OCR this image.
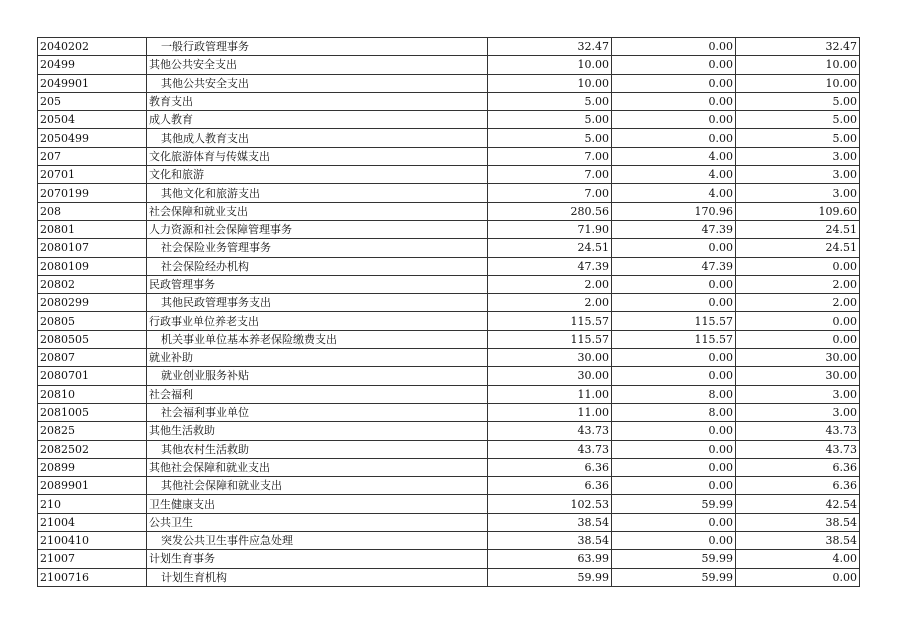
2040202	一般行政管理事务	32.47	0.00	32.47
20499	其他公共安全支出	10.00	0.00	10.00
2049901	其他公共安全支出	10.00	0.00	10.00
205	教育支出	5.00	0.00	5.00
20504	成人教育	5.00	0.00	5.00
2050499	其他成人教育支出	5.00	0.00	5.00
207	文化旅游体育与传媒支出	7.00	4.00	3.00
20701	文化和旅游	7.00	4.00	3.00
2070199	其他文化和旅游支出	7.00	4.00	3.00
208	社会保障和就业支出	280.56	170.96	109.60
20801	人力资源和社会保障管理事务	71.90	47.39	24.51
2080107	社会保险业务管理事务	24.51	0.00	24.51
2080109	社会保险经办机构	47.39	47.39	0.00
20802	民政管理事务	2.00	0.00	2.00
2080299	其他民政管理事务支出	2.00	0.00	2.00
20805	行政事业单位养老支出	115.57	115.57	0.00
2080505	机关事业单位基本养老保险缴费支出	115.57	115.57	0.00
20807	就业补助	30.00	0.00	30.00
2080701	就业创业服务补贴	30.00	0.00	30.00
20810	社会福利	11.00	8.00	3.00
2081005	社会福利事业单位	11.00	8.00	3.00
20825	其他生活救助	43.73	0.00	43.73
2082502	其他农村生活救助	43.73	0.00	43.73
20899	其他社会保障和就业支出	6.36	0.00	6.36
2089901	其他社会保障和就业支出	6.36	0.00	6.36
210	卫生健康支出	102.53	59.99	42.54
21004	公共卫生	38.54	0.00	38.54
2100410	突发公共卫生事件应急处理	38.54	0.00	38.54
21007	计划生育事务	63.99	59.99	4.00
2100716	计划生育机构	59.99	59.99	0.00
